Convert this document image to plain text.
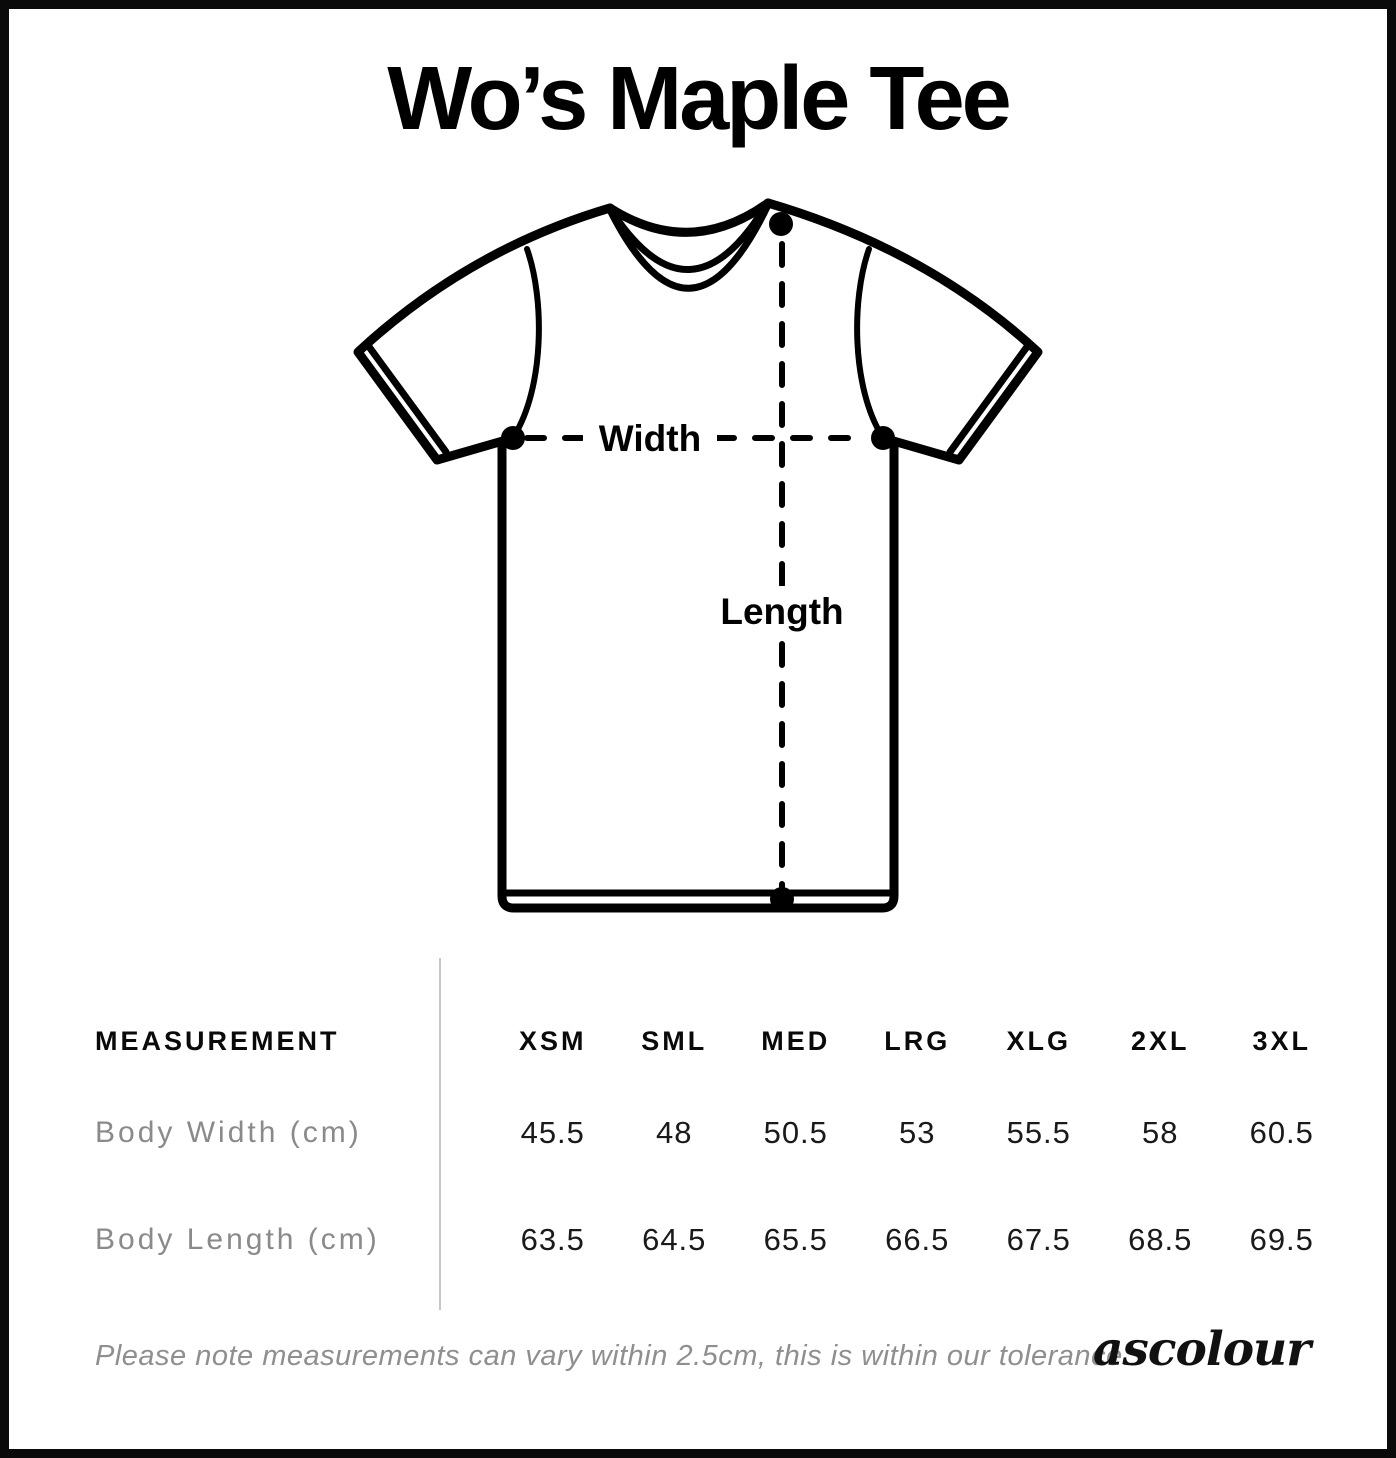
Wo’s Maple Tee
Width
Length
MEASUREMENT	XSM	SML	MED	LRG	XLG	2XL	3XL
Body Width (cm)	45.5	48	50.5	53	55.5	58	60.5
Body Length (cm)	63.5	64.5	65.5	66.5	67.5	68.5	69.5
Please note measurements can vary within 2.5cm, this is within our tolerance.
ascolour
